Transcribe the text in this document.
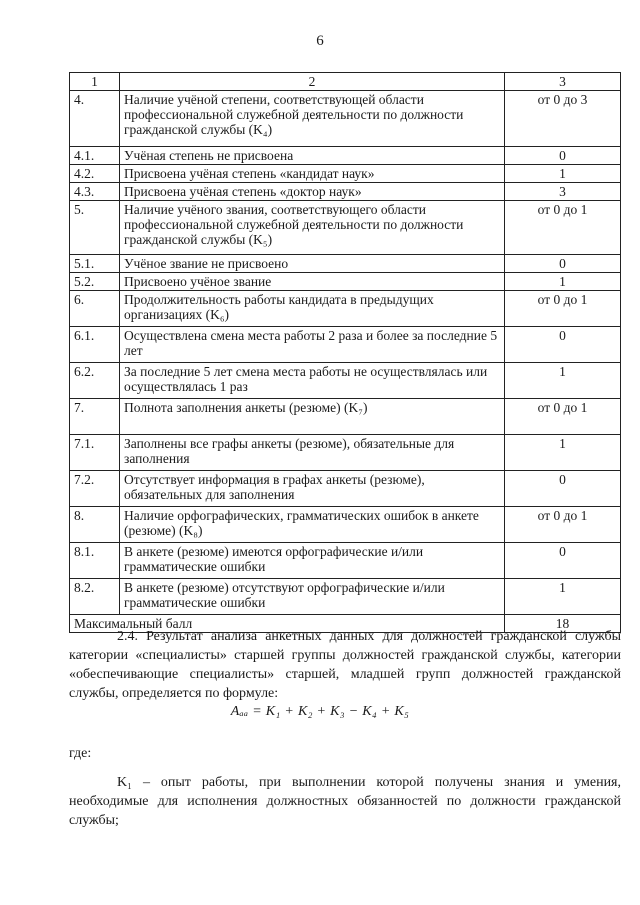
6
1	2	3
4.	Наличие учёной степени, соответствующей области профессиональной служебной деятельности по должности гражданской службы (K₄)	от 0 до 3
4.1.	Учёная степень не присвоена	0
4.2.	Присвоена учёная степень «кандидат наук»	1
4.3.	Присвоена учёная степень «доктор наук»	3
5.	Наличие учёного звания, соответствующего области профессиональной служебной деятельности по должности гражданской службы (K₅)	от 0 до 1
5.1.	Учёное звание не присвоено	0
5.2.	Присвоено учёное звание	1
6.	Продолжительность работы кандидата в предыдущих организациях (K₆)	от 0 до 1
6.1.	Осуществлена смена места работы 2 раза и более за последние 5 лет	0
6.2.	За последние 5 лет смена места работы не осуществлялась или осуществлялась 1 раз	1
7.	Полнота заполнения анкеты (резюме) (K₇)	от 0 до 1
7.1.	Заполнены все графы анкеты (резюме), обязательные для заполнения	1
7.2.	Отсутствует информация в графах анкеты (резюме), обязательных для заполнения	0
8.	Наличие орфографических, грамматических ошибок в анкете (резюме) (K₈)	от 0 до 1
8.1.	В анкете (резюме) имеются орфографические и/или грамматические ошибки	0
8.2.	В анкете (резюме) отсутствуют орфографические и/или грамматические ошибки	1
Максимальный балл		18
2.4. Результат анализа анкетных данных для должностей гражданской службы категории «специалисты» старшей группы должностей гражданской службы, категории «обеспечивающие специалисты» старшей, младшей групп должностей гражданской службы, определяется по формуле:
Aₐₐ = K₁ + K₂ + K₃ − K₄ + K₅
где:
K₁ – опыт работы, при выполнении которой получены знания и умения, необходимые для исполнения должностных обязанностей по должности гражданской службы;
